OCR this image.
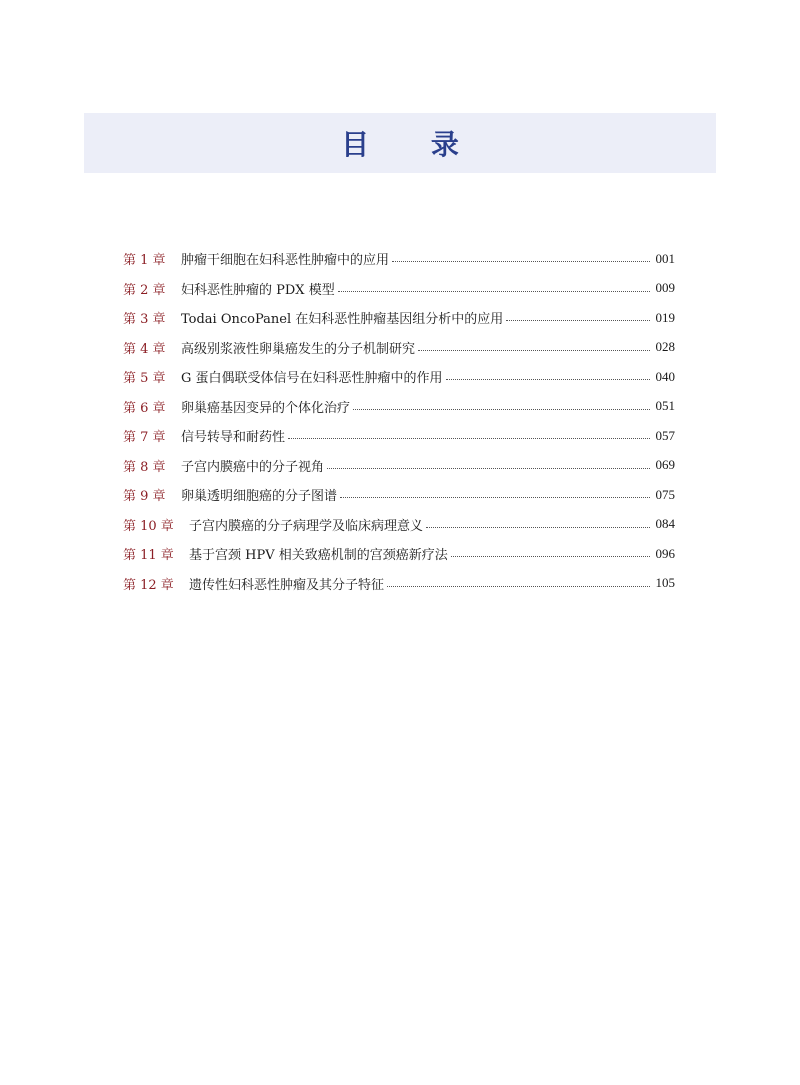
目 录
第 1 章	肿瘤干细胞在妇科恶性肿瘤中的应用	001
第 2 章	妇科恶性肿瘤的 PDX 模型	009
第 3 章	Todai OncoPanel 在妇科恶性肿瘤基因组分析中的应用	019
第 4 章	高级别浆液性卵巢癌发生的分子机制研究	028
第 5 章	G 蛋白偶联受体信号在妇科恶性肿瘤中的作用	040
第 6 章	卵巢癌基因变异的个体化治疗	051
第 7 章	信号转导和耐药性	057
第 8 章	子宫内膜癌中的分子视角	069
第 9 章	卵巢透明细胞癌的分子图谱	075
第 10 章	子宫内膜癌的分子病理学及临床病理意义	084
第 11 章	基于宫颈 HPV 相关致癌机制的宫颈癌新疗法	096
第 12 章	遗传性妇科恶性肿瘤及其分子特征	105
